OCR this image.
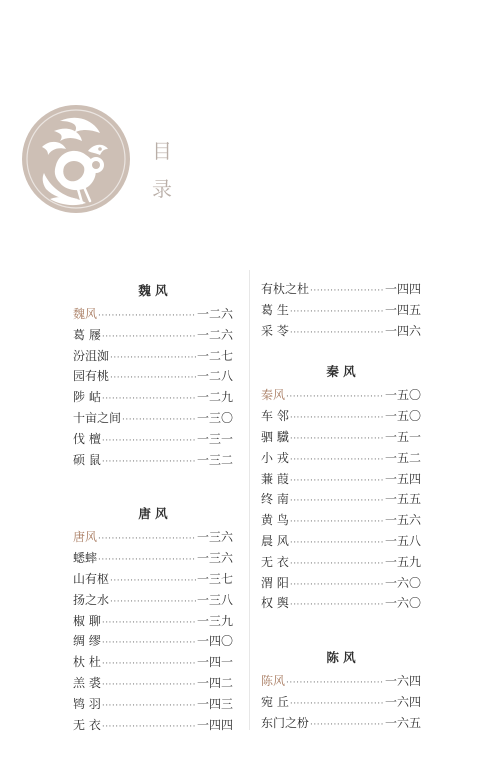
目
录
魏 风
魏风 ·····	一二六
葛 屦 ·····	一二六
汾沮洳 ·····	一二七
园有桃 ·····	一二八
陟 岵 ·····	一二九
十亩之间 ·····	一三〇
伐 檀 ·····	一三一
硕 鼠 ·····	一三二
唐 风
唐风 ·····	一三六
蟋蟀 ·····	一三六
山有枢 ·····	一三七
扬之水 ·····	一三八
椒 聊 ·····	一三九
绸 缪 ·····	一四〇
杕 杜 ·····	一四一
羔 裘 ·····	一四二
鸨 羽 ·····	一四三
无 衣 ·····	一四四
有杕之杜 ·····	一四四
葛 生 ·····	一四五
采 苓 ·····	一四六
秦 风
秦风 ·····	一五〇
车 邻 ·····	一五〇
驷 驖 ·····	一五一
小 戎 ·····	一五二
蒹 葭 ·····	一五四
终 南 ·····	一五五
黄 鸟 ·····	一五六
晨 风 ·····	一五八
无 衣 ·····	一五九
渭 阳 ·····	一六〇
权 舆 ·····	一六〇
陈 风
陈风 ·····	一六四
宛 丘 ·····	一六四
东门之枌 ·····	一六五
